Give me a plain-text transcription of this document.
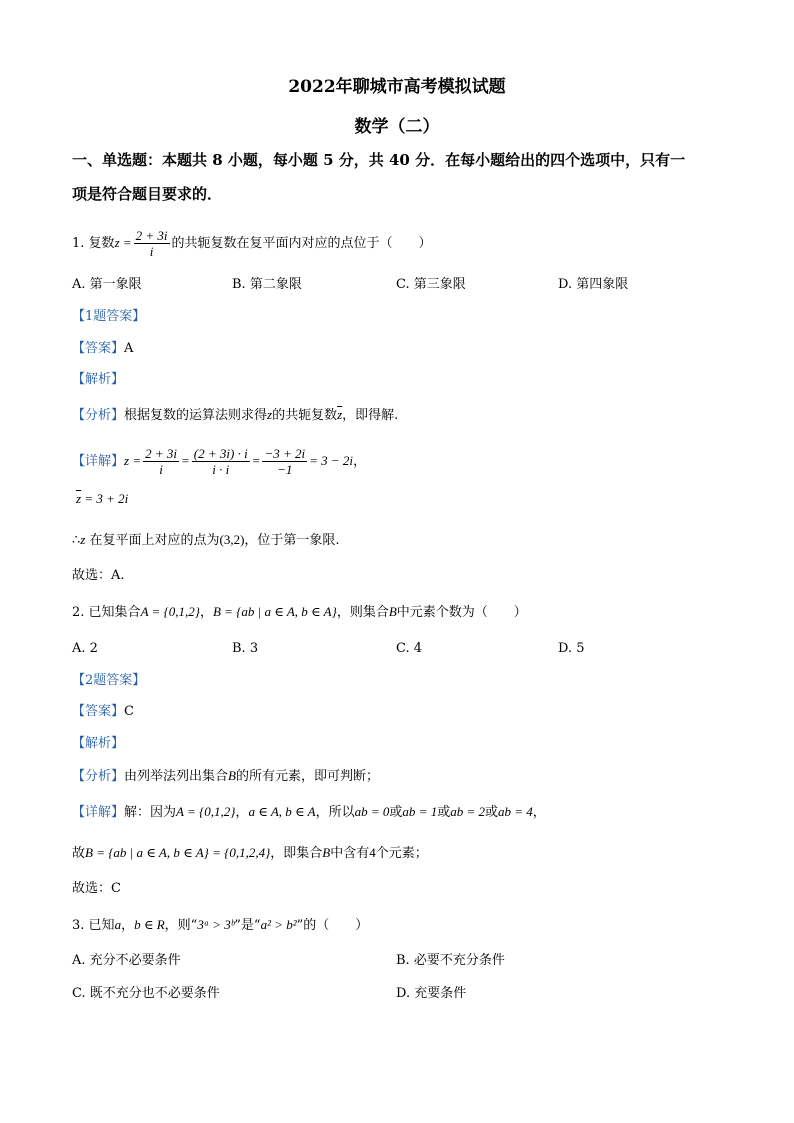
2022年聊城市高考模拟试题
数学（二）
一、单选题：本题共 8 小题，每小题 5 分，共 40 分．在每小题给出的四个选项中，只有一
项是符合题目要求的．
1. 复数$z = \frac{2 + 3i}{i}$ 的共轭复数在复平面内对应的点位于（　　）
A. 第一象限	B. 第二象限	C. 第三象限	D. 第四象限
【1题答案】
【答案】A
【解析】
【分析】根据复数的运算法则求得z的共轭复数$\overline{z}$，即得解.
【详解】$z = \frac{2 + 3i}{i} = \frac{(2 + 3i) \cdot i}{i \cdot i} = \frac{-3 + 2i}{-1} = 3 - 2i$，
$\overline{z} = 3 + 2i$
∴z 在复平面上对应的点为(3,2)，位于第一象限.
故选：A.
2. 已知集合A = {0,1,2}，B = {ab | a ∈ A, b ∈ A}，则集合B中元素个数为（　　）
A. 2	B. 3	C. 4	D. 5
【2题答案】
【答案】C
【解析】
【分析】由列举法列出集合B的所有元素，即可判断；
【详解】解：因为A = {0,1,2}，a ∈ A, b ∈ A，所以ab = 0或ab = 1或ab = 2或ab = 4，
故B = {ab | a ∈ A, b ∈ A} = {0,1,2,4}，即集合B中含有4个元素；
故选：C
3. 已知a，b ∈ R，则“3ᵃ > 3ᵇ”是“a² > b²”的（　　）
A. 充分不必要条件	B. 必要不充分条件
C. 既不充分也不必要条件	D. 充要条件
